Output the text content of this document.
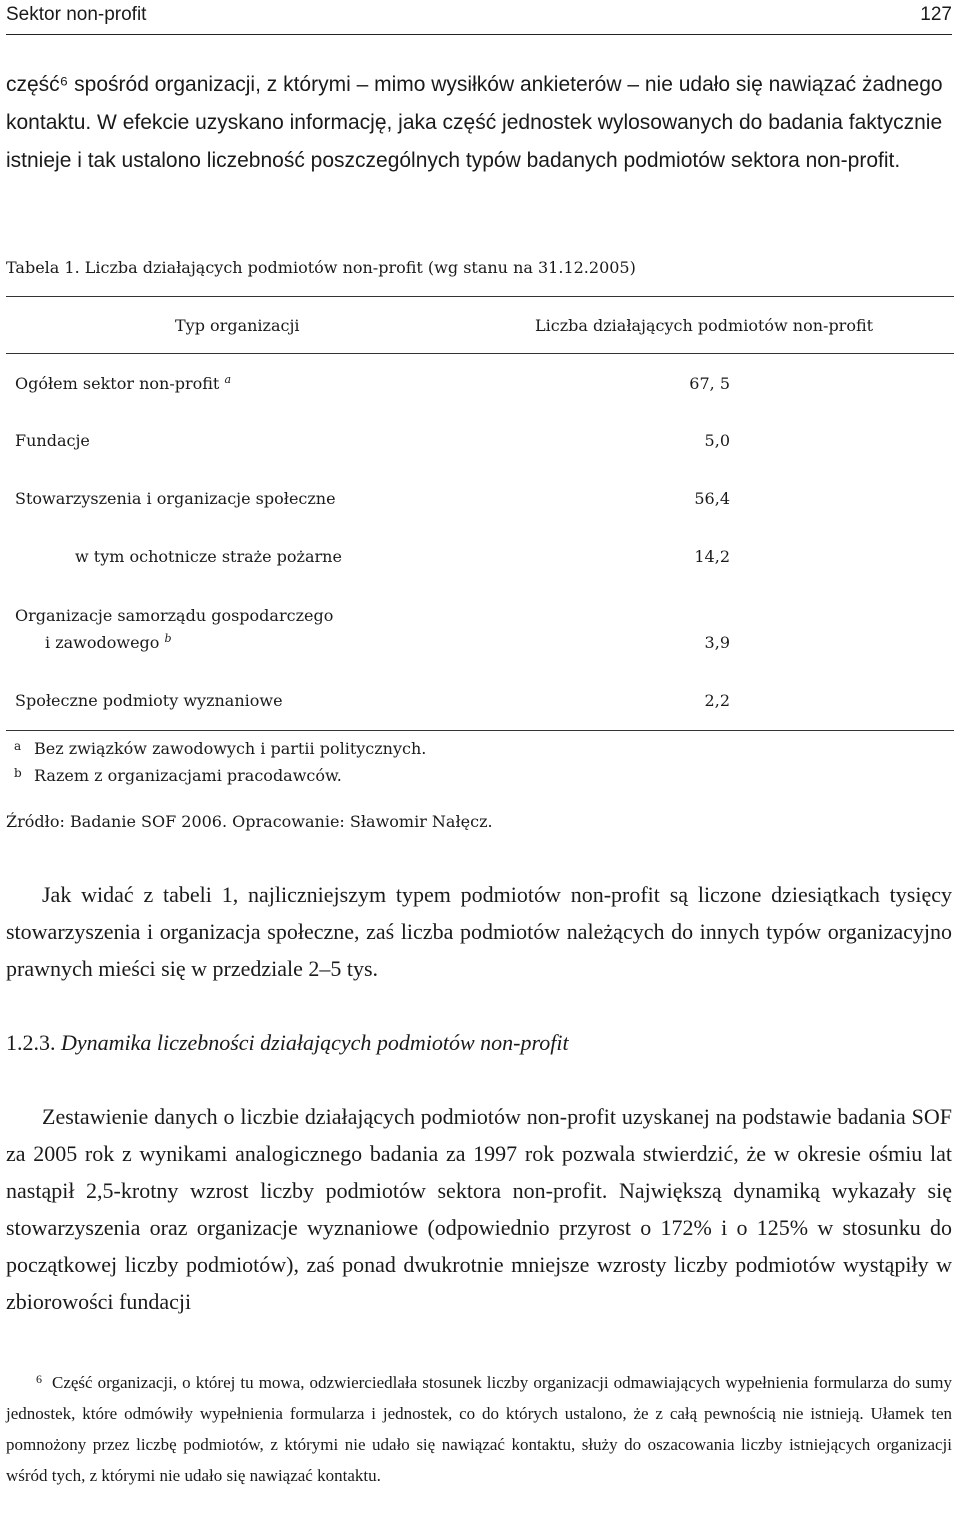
Sektor non-profit	127

część⁶ spośród organizacji, z którymi – mimo wysiłków ankieterów – nie udało się nawiązać żadnego kontaktu. W efekcie uzyskano informację, jaka część jednostek wylosowanych do badania faktycznie istnieje i tak ustalono liczebność poszczególnych typów badanych podmiotów sektora non-profit.

Tabela 1. Liczba działających podmiotów non-profit (wg stanu na 31.12.2005)
Typ organizacji	Liczba działających podmiotów non-profit
Ogółem sektor non-profit $^a$	67, 5
Fundacje	5,0
Stowarzyszenia i organizacje społeczne	56,4
w tym ochotnicze straże pożarne	14,2
Organizacje samorządu gospodarczego
i zawodowego $^b$	3,9
Społeczne podmioty wyznaniowe	2,2
a Bez związków zawodowych i partii politycznych.
b Razem z organizacjami pracodawców.
Źródło: Badanie SOF 2006. Opracowanie: Sławomir Nałęcz.

Jak widać z tabeli 1, najliczniejszym typem podmiotów non-profit są liczone dziesiątkach tysięcy stowarzyszenia i organizacja społeczne, zaś liczba podmiotów należących do innych typów organizacyjno prawnych mieści się w przedziale 2–5 tys.

1.2.3. Dynamika liczebności działających podmiotów non-profit

Zestawienie danych o liczbie działających podmiotów non-profit uzyskanej na podstawie badania SOF za 2005 rok z wynikami analogicznego badania za 1997 rok pozwala stwierdzić, że w okresie ośmiu lat nastąpił 2,5-krotny wzrost liczby podmiotów sektora non-profit. Największą dynamiką wykazały się stowarzyszenia oraz organizacje wyznaniowe (odpowiednio przyrost o 172% i o 125% w stosunku do początkowej liczby podmiotów), zaś ponad dwukrotnie mniejsze wzrosty liczby podmiotów wystąpiły w zbiorowości fundacji

$^6$ Część organizacji, o której tu mowa, odzwierciedlała stosunek liczby organizacji odmawiających wypełnienia formularza do sumy jednostek, które odmówiły wypełnienia formularza i jednostek, co do których ustalono, że z całą pewnością nie istnieją. Ułamek ten pomnożony przez liczbę podmiotów, z którymi nie udało się nawiązać kontaktu, służy do oszacowania liczby istniejących organizacji wśród tych, z którymi nie udało się nawiązać kontaktu.
